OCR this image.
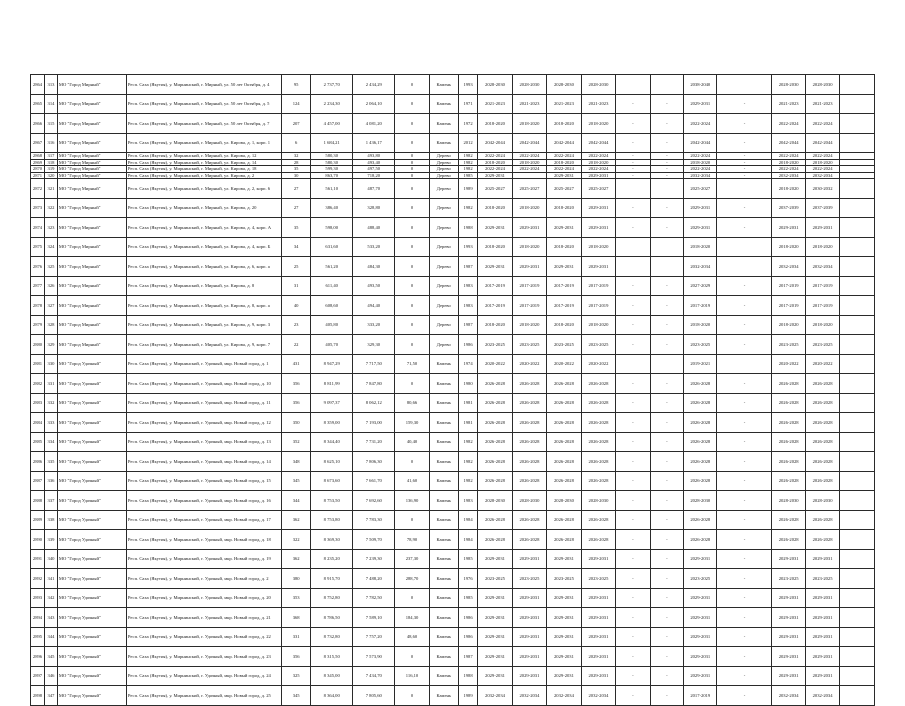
2864	313	МО "Город Мирный"	Респ. Саха (Якутия), у. Мирнинский, г. Мирный, ул. 50 лет Октября, д. 4	95	2 737,70	2 434,29	0	Камень	1993	2028-2030	2028-2030	2028-2030	2028-2030			2038-2040		2028-2030	2028-2030	
2865	314	МО "Город Мирный"	Респ. Саха (Якутия), у. Мирнинский, г. Мирный, ул. 50 лет Октября, д. 5	124	2 234,30	2 064,10	0	Камень	1971	2021-2023	2021-2023	2021-2023	2021-2023	-	-	2029-2031	-	2021-2023	2021-2023	
2866	315	МО "Город Мирный"	Респ. Саха (Якутия), у. Мирнинский, г. Мирный, ул. 50 лет Октября, д. 7	207	4 457,00	4 081,20	0	Камень	1972	2018-2020	2018-2020	2018-2020	2018-2020	-	-	2022-2024	-	2022-2024	2022-2024	
2867	316	МО "Город Мирный"	Респ. Саха (Якутия), у. Мирнинский, г. Мирный, ул. Кирова, д. 1, корп. 1	6	1 684,21	1 436,17	0	Камень	2012	2042-2044	2042-2044	2042-2044	2042-2044	-	-	2042-2044	-	2042-2044	2042-2044	
2868	317	МО "Город Мирный"	Респ. Саха (Якутия), у. Мирнинский, г. Мирный, ул. Кирова, д. 12	32	580,30	493,80	0	Дерево	1982	2022-2024	2022-2024	2022-2024	2022-2024	-	-	2022-2024	-	2022-2024	2022-2024	
2869	318	МО "Город Мирный"	Респ. Саха (Якутия), у. Мирнинский, г. Мирный, ул. Кирова, д. 14	28	580,30	493,40	0	Дерево	1982	2018-2020	2018-2020	2018-2020	2018-2020	-	-	2018-2020	-	2018-2020	2018-2020	
2870	319	МО "Город Мирный"	Респ. Саха (Якутия), у. Мирнинский, г. Мирный, ул. Кирова, д. 18	35	599,30	497,50	0	Дерево	1982	2022-2024	2022-2024	2022-2024	2022-2024	-	-	2022-2024	-	2022-2024	2022-2024	
2871	320	МО "Город Мирный"	Респ. Саха (Якутия), у. Мирнинский, г. Мирный, ул. Кирова, д. 2	30	863,70	718,20	0	Дерево	1985	2029-2031		2029-2031	2029-2031	-	-	2032-2034	-	2032-2034	2032-2034	
2872	321	МО "Город Мирный"	Респ. Саха (Якутия), у. Мирнинский, г. Мирный, ул. Кирова, д. 2, корп. 6	27	561,10	487,70	0	Дерево	1989	2025-2027	2025-2027	2025-2027	2025-2027			2025-2027		2018-2020	2030-2032	
2873	322	МО "Город Мирный"	Респ. Саха (Якутия), у. Мирнинский, г. Мирный, ул. Кирова, д. 20	27	386,40	328,80	0	Дерево	1982	2018-2020	2018-2020	2018-2020	2029-2031	-	-	2029-2031	-	2037-2039	2037-2039	
2874	323	МО "Город Мирный"	Респ. Саха (Якутия), у. Мирнинский, г. Мирный, ул. Кирова, д. 4, корп. А	35	598,00	488,40	0	Дерево	1988	2029-2031	2029-2031	2029-2031	2029-2031	-	-	2029-2031	-	2029-2031	2029-2031	
2875	324	МО "Город Мирный"	Респ. Саха (Якутия), у. Мирнинский, г. Мирный, ул. Кирова, д. 4, корп. Б	34	631,60	533,20	0	Дерево	1993	2018-2020	2018-2020	2018-2020	2018-2020			2018-2020		2018-2020	2018-2020	
2876	325	МО "Город Мирный"	Респ. Саха (Якутия), у. Мирнинский, г. Мирный, ул. Кирова, д. 6, корп. а	25	561,20	484,30	0	Дерево	1987	2029-2031	2029-2031	2029-2031	2029-2031			2032-2034		2032-2034	2032-2034	
2877	326	МО "Город Мирный"	Респ. Саха (Якутия), у. Мирнинский, г. Мирный, ул. Кирова, д. 8	31	611,40	493,50	0	Дерево	1983	2017-2019	2017-2019	2017-2019	2017-2019	-	-	2027-2029	-	2017-2019	2017-2019	
2878	327	МО "Город Мирный"	Респ. Саха (Якутия), у. Мирнинский, г. Мирный, ул. Кирова, д. 8, корп. а	40	608,60	494,40	0	Дерево	1983	2017-2019	2017-2019	2017-2019	2017-2019	-	-	2017-2019	-	2017-2019	2017-2019	
2879	328	МО "Город Мирный"	Респ. Саха (Якутия), у. Мирнинский, г. Мирный, ул. Кирова, д. 9, корп. 3	23	405,80	333,20	0	Дерево	1987	2018-2020	2018-2020	2018-2020	2018-2020	-	-	2018-2020	-	2018-2020	2018-2020	
2880	329	МО "Город Мирный"	Респ. Саха (Якутия), у. Мирнинский, г. Мирный, ул. Кирова, д. 9, корп. 7	22	405,70	329,30	0	Дерево	1986	2023-2025	2023-2025	2023-2025	2023-2025	-	-	2023-2025	-	2023-2025	2023-2025	
2881	330	МО "Город Удачный"	Респ. Саха (Якутия), у. Мирнинский, г. Удачный, мкр. Новый город, д. 1	431	8 947,29	7 717,50	71,50	Камень	1974	2020-2022	2020-2022	2020-2022	2020-2022			2019-2021		2020-2022	2020-2022	
2882	331	МО "Город Удачный"	Респ. Саха (Якутия), у. Мирнинский, г. Удачный, мкр. Новый город, д. 10	356	8 811,99	7 847,80	0	Камень	1980	2026-2028	2026-2028	2026-2028	2026-2028	-	-	2026-2028	-	2026-2028	2026-2028	
2883	332	МО "Город Удачный"	Респ. Саха (Якутия), у. Мирнинский, г. Удачный, мкр. Новый город, д. 11	356	9 097,37	8 062,12	80,66	Камень	1981	2026-2028	2026-2028	2026-2028	2026-2028	-	-	2026-2028	-	2026-2028	2026-2028	
2884	333	МО "Город Удачный"	Респ. Саха (Якутия), у. Мирнинский, г. Удачный, мкр. Новый город, д. 12	350	8 359,00	7 193,00	159,30	Камень	1981	2026-2028	2026-2028	2026-2028	2026-2028	-	-	2026-2028	-	2026-2028	2026-2028	
2885	334	МО "Город Удачный"	Респ. Саха (Якутия), у. Мирнинский, г. Удачный, мкр. Новый город, д. 13	352	8 344,40	7 731,20	40,40	Камень	1982	2026-2028	2026-2028	2026-2028	2026-2028	-	-	2026-2028	-	2026-2028	2026-2028	
2886	335	МО "Город Удачный"	Респ. Саха (Якутия), у. Мирнинский, г. Удачный, мкр. Новый город, д. 14	348	8 625,10	7 806,30	0	Камень	1982	2026-2028	2026-2028	2026-2028	2026-2028	-	-	2026-2028	-	2026-2028	2026-2028	
2887	336	МО "Город Удачный"	Респ. Саха (Якутия), у. Мирнинский, г. Удачный, мкр. Новый город, д. 15	345	8 673,60	7 661,70	41,60	Камень	1982	2026-2028	2026-2028	2026-2028	2026-2028	-	-	2026-2028	-	2026-2028	2026-2028	
2888	337	МО "Город Удачный"	Респ. Саха (Якутия), у. Мирнинский, г. Удачный, мкр. Новый город, д. 16	344	8 753,50	7 692,60	136,90	Камень	1983	2028-2030	2028-2030	2028-2030	2028-2030	-	-	2028-2030	-	2028-2030	2028-2030	
2889	338	МО "Город Удачный"	Респ. Саха (Якутия), у. Мирнинский, г. Удачный, мкр. Новый город, д. 17	362	8 753,80	7 783,30	0	Камень	1984	2026-2028	2026-2028	2026-2028	2026-2028	-	-	2026-2028	-	2026-2028	2026-2028	
2890	339	МО "Город Удачный"	Респ. Саха (Якутия), у. Мирнинский, г. Удачный, мкр. Новый город, д. 18	322	8 369,30	7 509,70	78,90	Камень	1984	2026-2028	2026-2028	2026-2028	2026-2028	-	-	2026-2028	-	2026-2028	2026-2028	
2891	340	МО "Город Удачный"	Респ. Саха (Якутия), у. Мирнинский, г. Удачный, мкр. Новый город, д. 19	362	8 235,20	7 239,30	237,30	Камень	1985	2029-2031	2029-2031	2029-2031	2029-2031	-	-	2029-2031	-	2029-2031	2029-2031	
2892	341	МО "Город Удачный"	Респ. Саха (Якутия), у. Мирнинский, г. Удачный, мкр. Новый город, д. 2	380	8 915,70	7 488,20	288,70	Камень	1976	2023-2025	2023-2025	2023-2025	2023-2025	-	-	2023-2025	-	2023-2025	2023-2025	
2893	342	МО "Город Удачный"	Респ. Саха (Якутия), у. Мирнинский, г. Удачный, мкр. Новый город, д. 20	353	8 752,80	7 782,50	0	Камень	1985	2029-2031	2029-2031	2029-2031	2029-2031	-	-	2029-2031	-	2029-2031	2029-2031	
2894	343	МО "Город Удачный"	Респ. Саха (Якутия), у. Мирнинский, г. Удачный, мкр. Новый город, д. 21	368	8 786,50	7 589,10	184,30	Камень	1986	2029-2031	2029-2031	2029-2031	2029-2031	-	-	2029-2031	-	2029-2031	2029-2031	
2895	344	МО "Город Удачный"	Респ. Саха (Якутия), у. Мирнинский, г. Удачный, мкр. Новый город, д. 22	331	8 732,80	7 757,20	48,60	Камень	1986	2029-2031	2029-2031	2029-2031	2029-2031	-	-	2029-2031	-	2029-2031	2029-2031	
2896	345	МО "Город Удачный"	Респ. Саха (Якутия), у. Мирнинский, г. Удачный, мкр. Новый город, д. 23	356	8 315,50	7 573,90	0	Камень	1987	2029-2031	2029-2031	2029-2031	2029-2031	-	-	2029-2031	-	2029-2031	2029-2031	
2897	346	МО "Город Удачный"	Респ. Саха (Якутия), у. Мирнинский, г. Удачный, мкр. Новый город, д. 24	325	8 345,00	7 434,70	116,10	Камень	1988	2029-2031	2029-2031	2029-2031	2029-2031	-	-	2029-2031	-	2029-2031	2029-2031	
2898	347	МО "Город Удачный"	Респ. Саха (Якутия), у. Мирнинский, г. Удачный, мкр. Новый город, д. 25	345	8 364,00	7 805,60	0	Камень	1989	2032-2034	2032-2034	2032-2034	2032-2034	-	-	2017-2019	-	2032-2034	2032-2034	
